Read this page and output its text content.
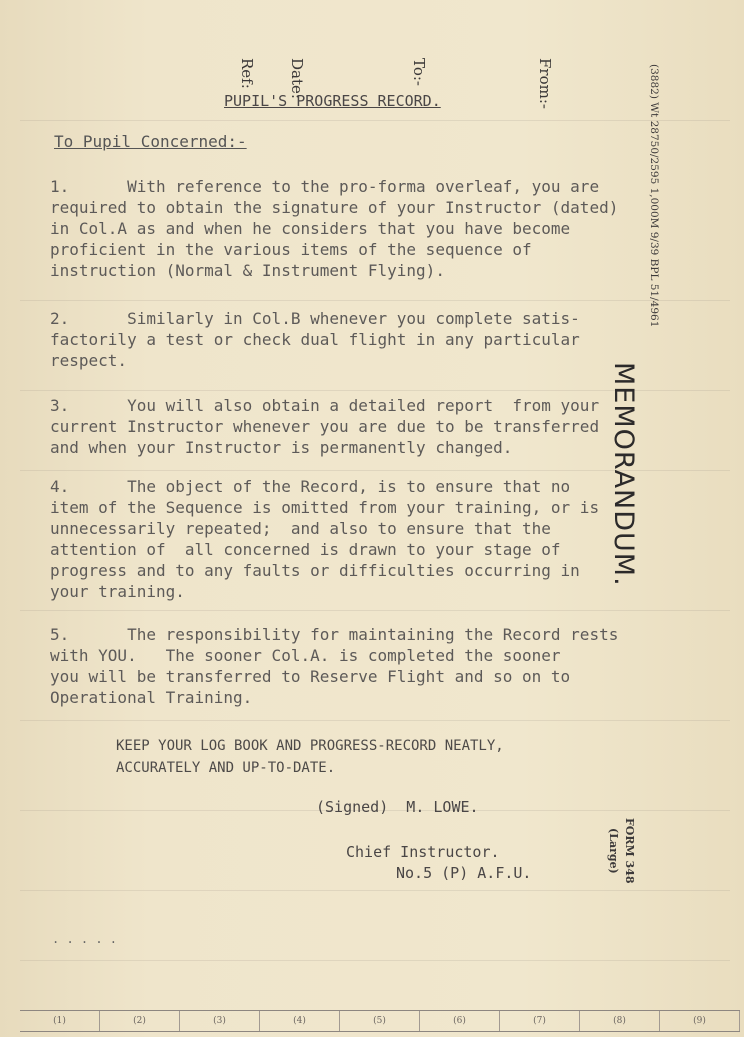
Ref: Date:	To:-	From:-	(3882) Wt 28750/2595 1,000M 9/39 BPL 51/4961
MEMORANDUM.
FORM 348
(Large)
PUPIL'S PROGRESS RECORD.
To Pupil Concerned:-
1.      With reference to the pro-forma overleaf, you are
required to obtain the signature of your Instructor (dated)
in Col.A as and when he considers that you have become
proficient in the various items of the sequence of
instruction (Normal & Instrument Flying).
2.      Similarly in Col.B whenever you complete satis-
factorily a test or check dual flight in any particular
respect.
3.      You will also obtain a detailed report  from your
current Instructor whenever you are due to be transferred
and when your Instructor is permanently changed.
4.      The object of the Record, is to ensure that no
item of the Sequence is omitted from your training, or is
unnecessarily repeated;  and also to ensure that the
attention of  all concerned is drawn to your stage of
progress and to any faults or difficulties occurring in
your training.
5.      The responsibility for maintaining the Record rests
with YOU.   The sooner Col.A. is completed the sooner
you will be transferred to Reserve Flight and so on to
Operational Training.
KEEP YOUR LOG BOOK AND PROGRESS-RECORD NEATLY,
ACCURATELY AND UP-TO-DATE.
(Signed)  M. LOWE.
Chief Instructor.
No.5 (P) A.F.U.
. . . . .
(1)	(2)	(3)	(4)	(5)	(6)	(7)	(8)	(9)
